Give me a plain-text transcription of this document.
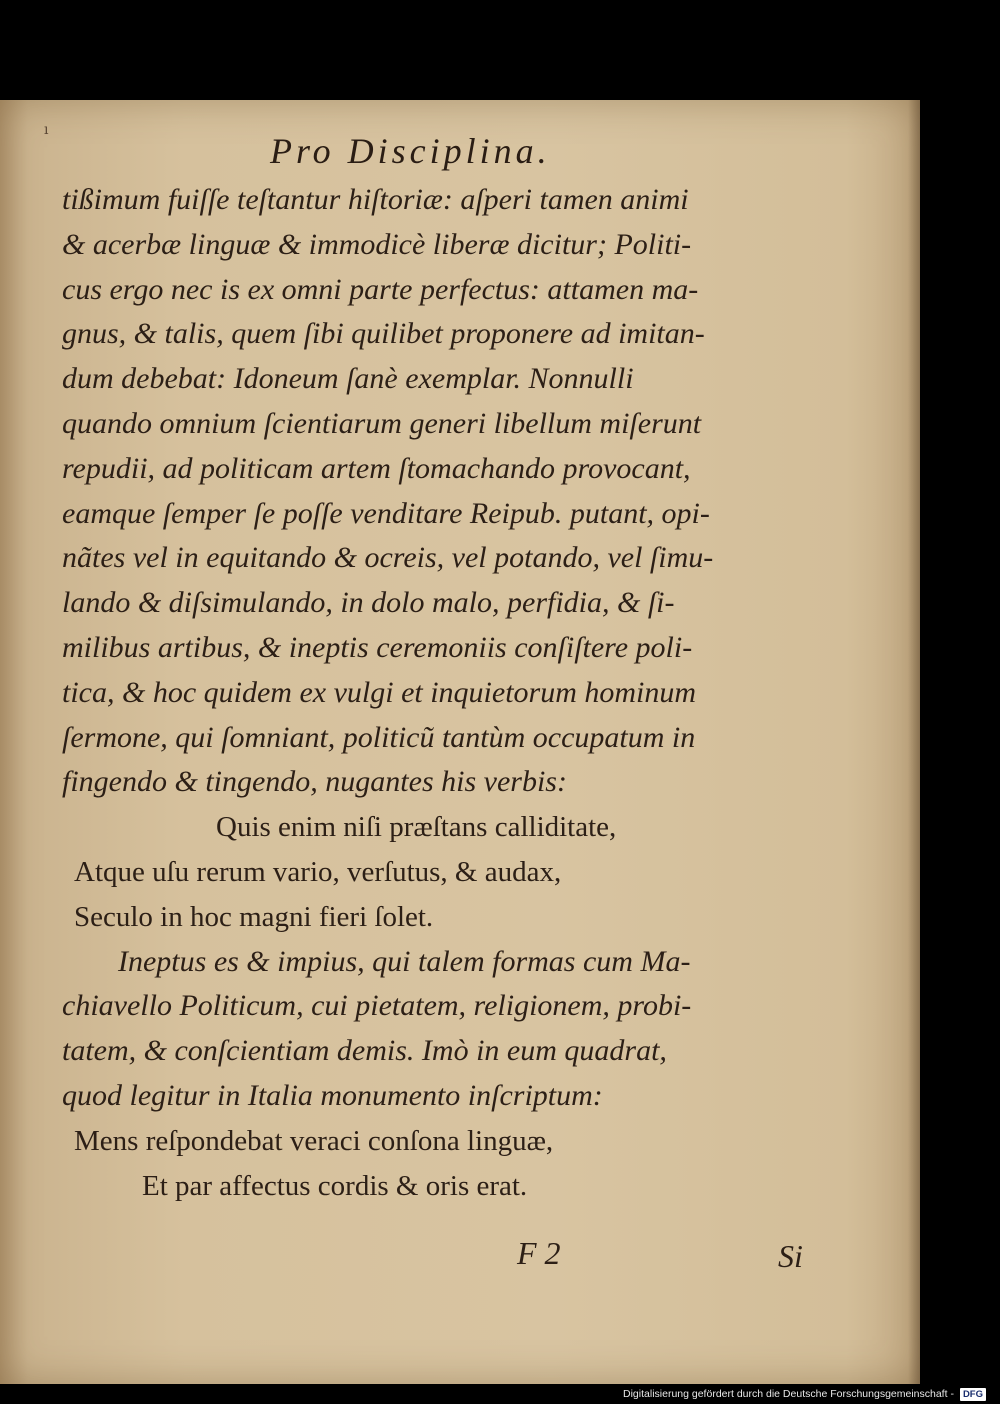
ı
Pro Disciplina.
tißimum fuiſſe teſtantur hiſtoriæ: aſperi tamen animi
& acerbæ linguæ & immodicè liberæ dicitur; Politi-
cus ergo nec is ex omni parte perfectus: attamen ma-
gnus, & talis, quem ſibi quilibet proponere ad imitan-
dum debebat: Idoneum ſanè exemplar. Nonnulli
quando omnium ſcientiarum generi libellum miſerunt
repudii, ad politicam artem ſtomachando provocant,
eamque ſemper ſe poſſe venditare Reipub. putant, opi-
nãtes vel in equitando & ocreis, vel potando, vel ſimu-
lando & diſsimulando, in dolo malo, perfidia, & ſi-
milibus artibus, & ineptis ceremoniis conſiſtere poli-
tica, & hoc quidem ex vulgi et inquietorum hominum
ſermone, qui ſomniant, politicũ tantùm occupatum in
fingendo & tingendo, nugantes his verbis:
Quis enim niſi præſtans calliditate,
Atque uſu rerum vario, verſutus, & audax,
Seculo in hoc magni fieri ſolet.
Ineptus es & impius, qui talem formas cum Ma-
chiavello Politicum, cui pietatem, religionem, probi-
tatem, & conſcientiam demis. Imò in eum quadrat,
quod legitur in Italia monumento inſcriptum:
Mens reſpondebat veraci conſona linguæ,
Et par affectus cordis & oris erat.
F 2	Si
Digitalisierung gefördert durch die Deutsche Forschungsgemeinschaft - DFG
